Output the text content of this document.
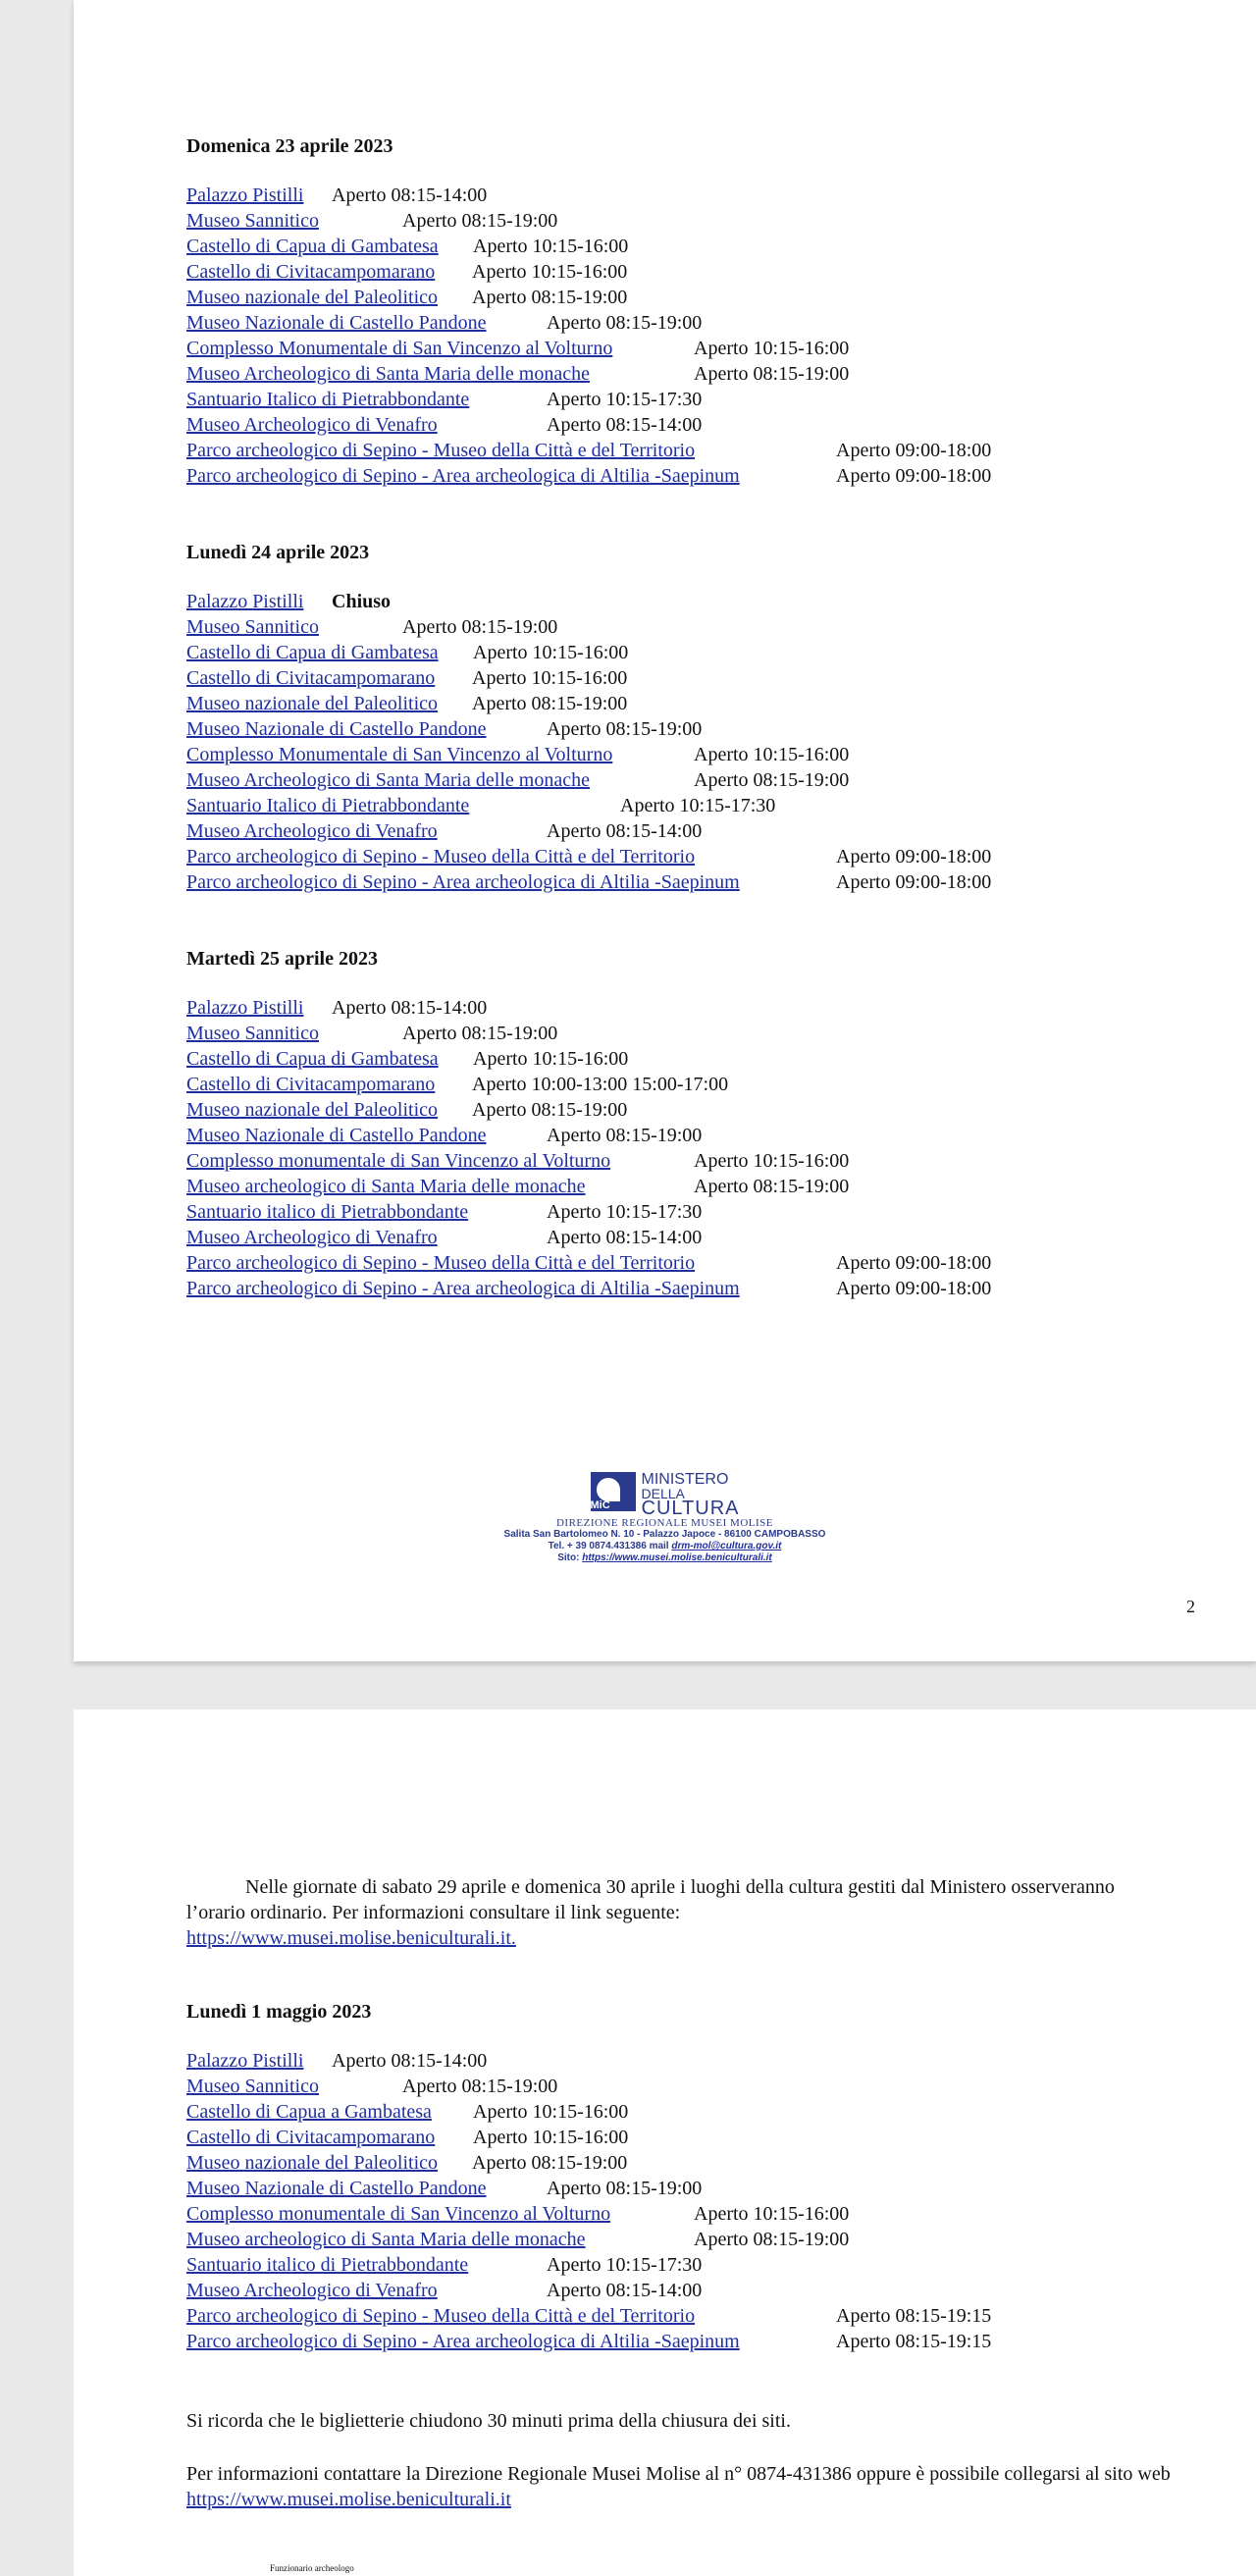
Domenica 23 aprile 2023
Palazzo Pistilli Aperto 08:15-14:00
Museo Sannitico	Aperto 08:15-19:00
Castello di Capua di Gambatesa Aperto 10:15-16:00
Castello di Civitacampomarano Aperto 10:15-16:00
Museo nazionale del Paleolitico Aperto 08:15-19:00
Museo Nazionale di Castello Pandone	Aperto 08:15-19:00
Complesso Monumentale di San Vincenzo al Volturno	Aperto 10:15-16:00
Museo Archeologico di Santa Maria delle monache	Aperto 08:15-19:00
Santuario Italico di Pietrabbondante	Aperto 10:15-17:30
Museo Archeologico di Venafro	Aperto 08:15-14:00
Parco archeologico di Sepino - Museo della Città e del Territorio	Aperto 09:00-18:00
Parco archeologico di Sepino - Area archeologica di Altilia -Saepinum	Aperto 09:00-18:00
Lunedì 24 aprile 2023
Palazzo Pistilli Chiuso
Museo Sannitico	Aperto 08:15-19:00
Castello di Capua di Gambatesa Aperto 10:15-16:00
Castello di Civitacampomarano Aperto 10:15-16:00
Museo nazionale del Paleolitico Aperto 08:15-19:00
Museo Nazionale di Castello Pandone	Aperto 08:15-19:00
Complesso Monumentale di San Vincenzo al Volturno	Aperto 10:15-16:00
Museo Archeologico di Santa Maria delle monache	Aperto 08:15-19:00
Santuario Italico di Pietrabbondante	Aperto 10:15-17:30
Museo Archeologico di Venafro	Aperto 08:15-14:00
Parco archeologico di Sepino - Museo della Città e del Territorio	Aperto 09:00-18:00
Parco archeologico di Sepino - Area archeologica di Altilia -Saepinum	Aperto 09:00-18:00
Martedì 25 aprile 2023
Palazzo Pistilli Aperto 08:15-14:00
Museo Sannitico	Aperto 08:15-19:00
Castello di Capua di Gambatesa Aperto 10:15-16:00
Castello di Civitacampomarano Aperto 10:00-13:00 15:00-17:00
Museo nazionale del Paleolitico Aperto 08:15-19:00
Museo Nazionale di Castello Pandone	Aperto 08:15-19:00
Complesso monumentale di San Vincenzo al Volturno	Aperto 10:15-16:00
Museo archeologico di Santa Maria delle monache	Aperto 08:15-19:00
Santuario italico di Pietrabbondante	Aperto 10:15-17:30
Museo Archeologico di Venafro	Aperto 08:15-14:00
Parco archeologico di Sepino - Museo della Città e del Territorio	Aperto 09:00-18:00
Parco archeologico di Sepino - Area archeologica di Altilia -Saepinum	Aperto 09:00-18:00
MiC
MINISTERO
DELLA
CULTURA
DIREZIONE REGIONALE MUSEI MOLISE
Salita San Bartolomeo N. 10 - Palazzo Japoce - 86100 CAMPOBASSO
Tel. + 39 0874.431386 mail drm-mol@cultura.gov.it
Sito: https://www.musei.molise.beniculturali.it
2
Nelle giornate di sabato 29 aprile e domenica 30 aprile i luoghi della cultura gestiti dal Ministero osserveranno l’orario ordinario. Per informazioni consultare il link seguente:
https://www.musei.molise.beniculturali.it.
Lunedì 1 maggio 2023
Palazzo Pistilli Aperto 08:15-14:00
Museo Sannitico	Aperto 08:15-19:00
Castello di Capua a Gambatesa Aperto 10:15-16:00
Castello di Civitacampomarano Aperto 10:15-16:00
Museo nazionale del Paleolitico Aperto 08:15-19:00
Museo Nazionale di Castello Pandone	Aperto 08:15-19:00
Complesso monumentale di San Vincenzo al Volturno	Aperto 10:15-16:00
Museo archeologico di Santa Maria delle monache	Aperto 08:15-19:00
Santuario italico di Pietrabbondante	Aperto 10:15-17:30
Museo Archeologico di Venafro	Aperto 08:15-14:00
Parco archeologico di Sepino - Museo della Città e del Territorio	Aperto 08:15-19:15
Parco archeologico di Sepino - Area archeologica di Altilia -Saepinum	Aperto 08:15-19:15
Si ricorda che le biglietterie chiudono 30 minuti prima della chiusura dei siti.
Per informazioni contattare la Direzione Regionale Musei Molise al n° 0874-431386 oppure è possibile collegarsi al sito web https://www.musei.molise.beniculturali.it
Funzionario archeologo
